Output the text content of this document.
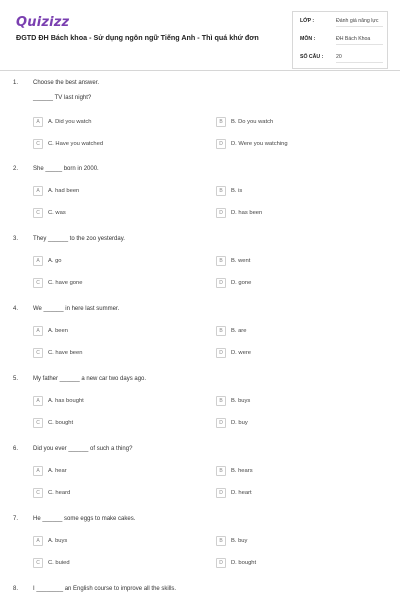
Quizizz
ĐGTD ĐH Bách khoa - Sử dụng ngôn ngữ Tiếng Anh - Thì quá khứ đơn
LỚP :	Đánh giá năng lực
MÔN :	ĐH Bách Khoa
SỐ CÂU : 20
1. Choose the best answer.
______ TV last night?
A	A. Did you watch	B	B. Do you watch
C	C. Have you watched	D	D. Were you watching
2. She _____ born in 2000.
A	A. had been	B	B. is
C	C. was	D	D. has been
3. They ______ to the zoo yesterday.
A	A. go	B	B. went
C	C. have gone	D	D. gone
4. We ______ in here last summer.
A	A. been	B	B. are
C	C. have been	D	D. were
5. My father ______ a new car two days ago.
A	A. has bought	B	B. buys
C	C. bought	D	D. buy
6. Did you ever ______ of such a thing?
A	A. hear	B	B. hears
C	C. heard	D	D. heart
7. He ______ some eggs to make cakes.
A	A. buys	B	B. buy
C	C. buied	D	D. bought
8. I ________ an English course to improve all the skills.
